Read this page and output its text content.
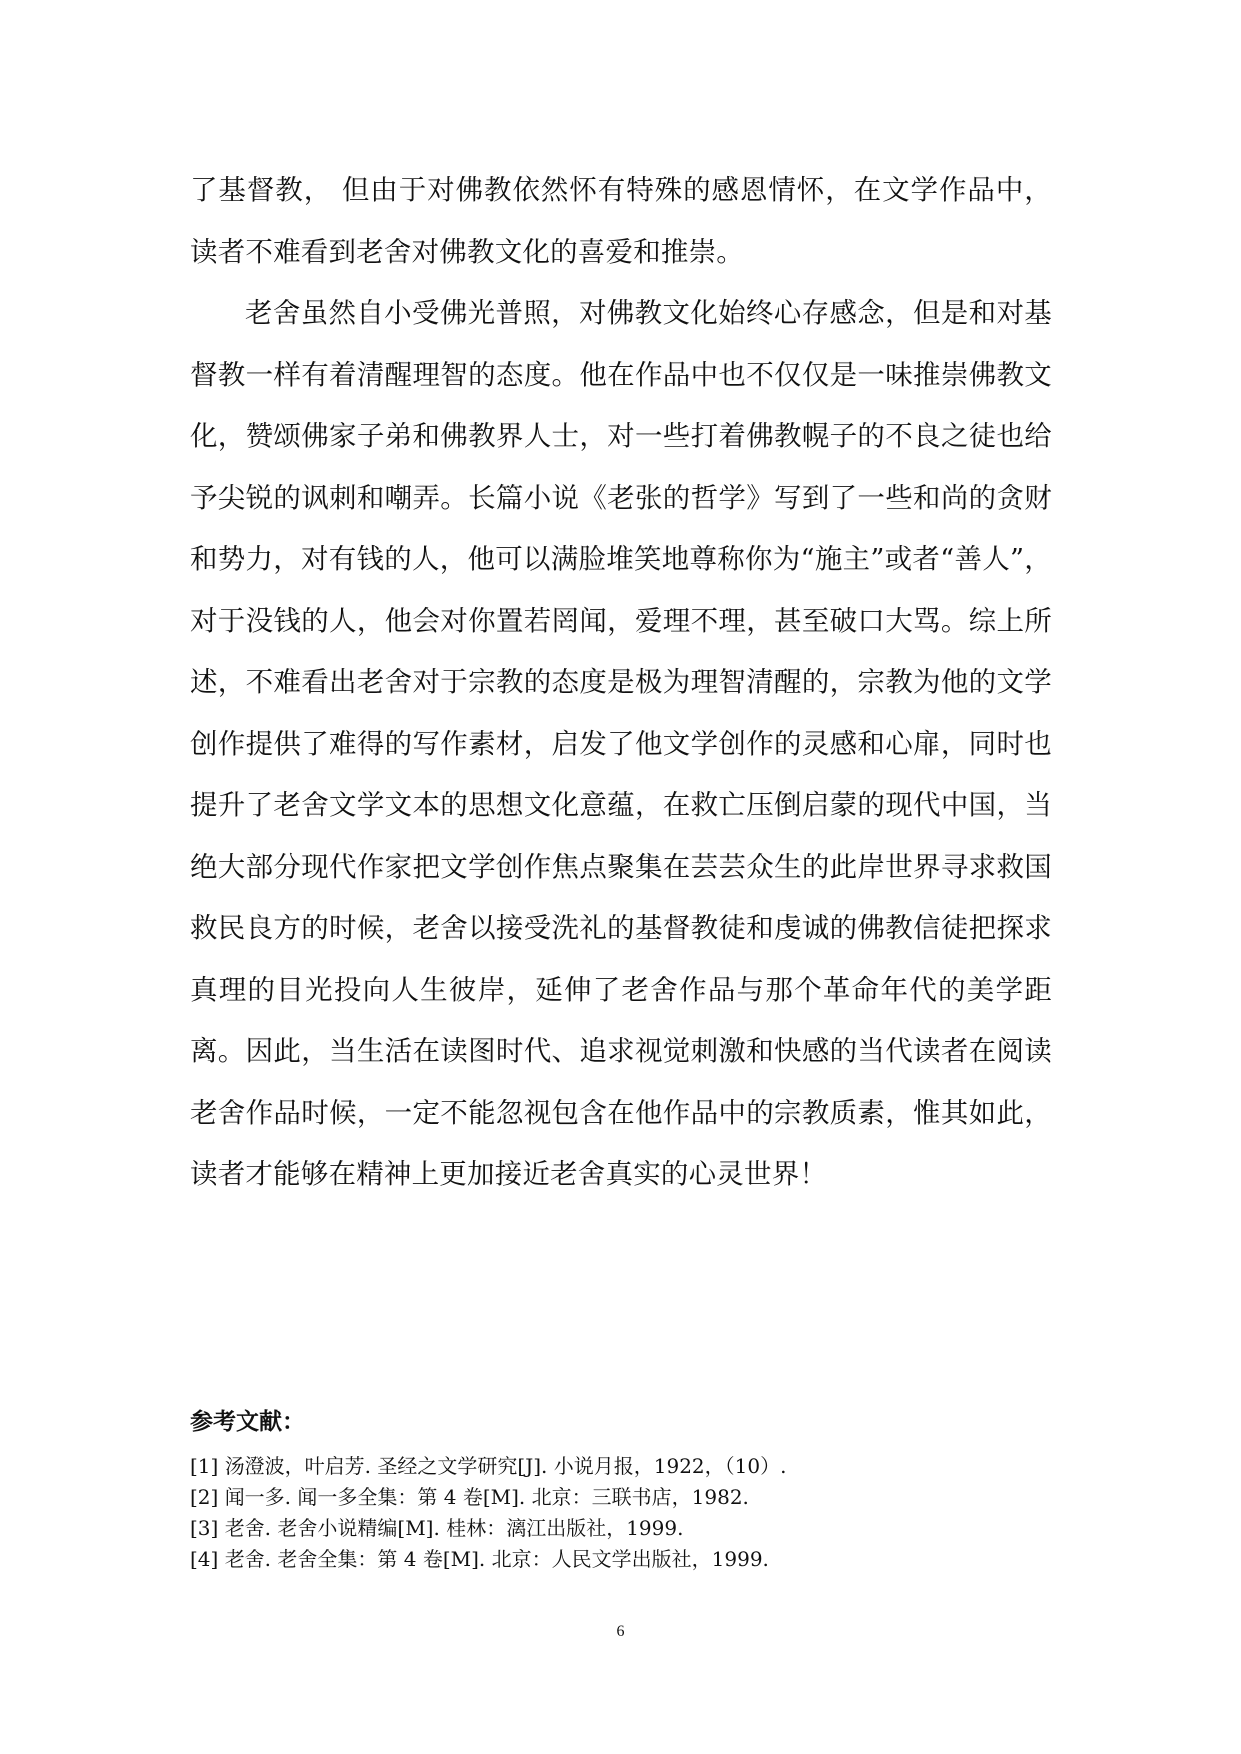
了基督教， 但由于对佛教依然怀有特殊的感恩情怀，在文学作品中，读者不难看到老舍对佛教文化的喜爱和推崇。

老舍虽然自小受佛光普照，对佛教文化始终心存感念，但是和对基督教一样有着清醒理智的态度。他在作品中也不仅仅是一味推崇佛教文化，赞颂佛家子弟和佛教界人士，对一些打着佛教幌子的不良之徒也给予尖锐的讽刺和嘲弄。长篇小说《老张的哲学》写到了一些和尚的贪财和势力，对有钱的人，他可以满脸堆笑地尊称你为“施主”或者“善人”，对于没钱的人，他会对你置若罔闻，爱理不理，甚至破口大骂。综上所述，不难看出老舍对于宗教的态度是极为理智清醒的，宗教为他的文学创作提供了难得的写作素材，启发了他文学创作的灵感和心扉，同时也提升了老舍文学文本的思想文化意蕴，在救亡压倒启蒙的现代中国，当绝大部分现代作家把文学创作焦点聚集在芸芸众生的此岸世界寻求救国救民良方的时候，老舍以接受洗礼的基督教徒和虔诚的佛教信徒把探求真理的目光投向人生彼岸，延伸了老舍作品与那个革命年代的美学距离。因此，当生活在读图时代、追求视觉刺激和快感的当代读者在阅读老舍作品时候，一定不能忽视包含在他作品中的宗教质素，惟其如此，读者才能够在精神上更加接近老舍真实的心灵世界！

参考文献：
[1] 汤澄波，叶启芳. 圣经之文学研究[J]. 小说月报，1922，（10）.
[2] 闻一多. 闻一多全集：第 4 卷[M]. 北京：三联书店，1982.
[3] 老舍. 老舍小说精编[M]. 桂林：漓江出版社，1999.
[4] 老舍. 老舍全集：第 4 卷[M]. 北京：人民文学出版社，1999.
6
